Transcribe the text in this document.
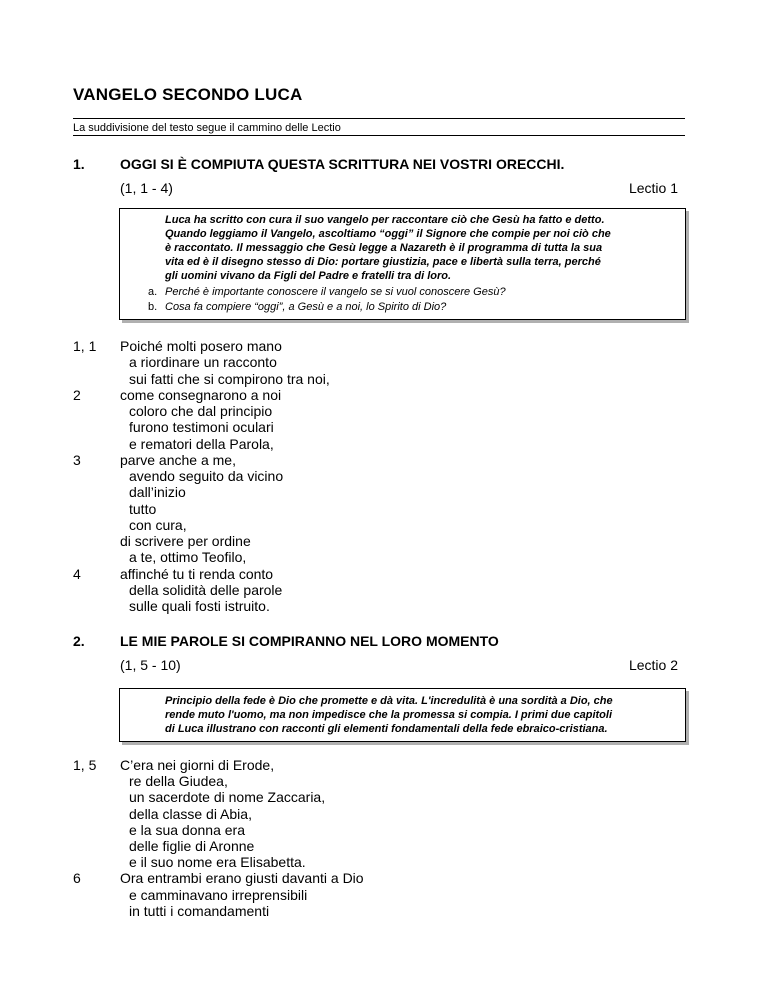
VANGELO SECONDO LUCA
La suddivisione del testo segue il cammino delle Lectio
1.	OGGI SI È COMPIUTA QUESTA SCRITTURA NEI VOSTRI ORECCHI.
(1, 1 - 4)	Lectio 1
Luca ha scritto con cura il suo vangelo per raccontare ciò che Gesù ha fatto e detto.
Quando leggiamo il Vangelo, ascoltiamo “oggi” il Signore che compie per noi ciò che
è raccontato. Il messaggio che Gesù legge a Nazareth è il programma di tutta la sua
vita ed è il disegno stesso di Dio: portare giustizia, pace e libertà sulla terra, perché
gli uomini vivano da Figli del Padre e fratelli tra di loro.
a. Perché è importante conoscere il vangelo se si vuol conoscere Gesù?
b. Cosa fa compiere “oggi”, a Gesù e a noi, lo Spirito di Dio?
1, 1 Poiché molti posero mano
a riordinare un racconto
sui fatti che si compirono tra noi,
2	come consegnarono a noi
coloro che dal principio
furono testimoni oculari
e rematori della Parola,
3	parve anche a me,
avendo seguito da vicino
dall’inizio
tutto
con cura,
di scrivere per ordine
a te, ottimo Teofilo,
4	affinché tu ti renda conto
della solidità delle parole
sulle quali fosti istruito.
2.	LE MIE PAROLE SI COMPIRANNO NEL LORO MOMENTO
(1, 5 - 10)	Lectio 2
Principio della fede è Dio che promette e dà vita. L'incredulità è una sordità a Dio, che
rende muto l'uomo, ma non impedisce che la promessa si compia. I primi due capitoli
di Luca illustrano con racconti gli elementi fondamentali della fede ebraico-cristiana.
1, 5 C’era nei giorni di Erode,
re della Giudea,
un sacerdote di nome Zaccaria,
della classe di Abia,
e la sua donna era
delle figlie di Aronne
e il suo nome era Elisabetta.
6	Ora entrambi erano giusti davanti a Dio
e camminavano irreprensibili
in tutti i comandamenti
